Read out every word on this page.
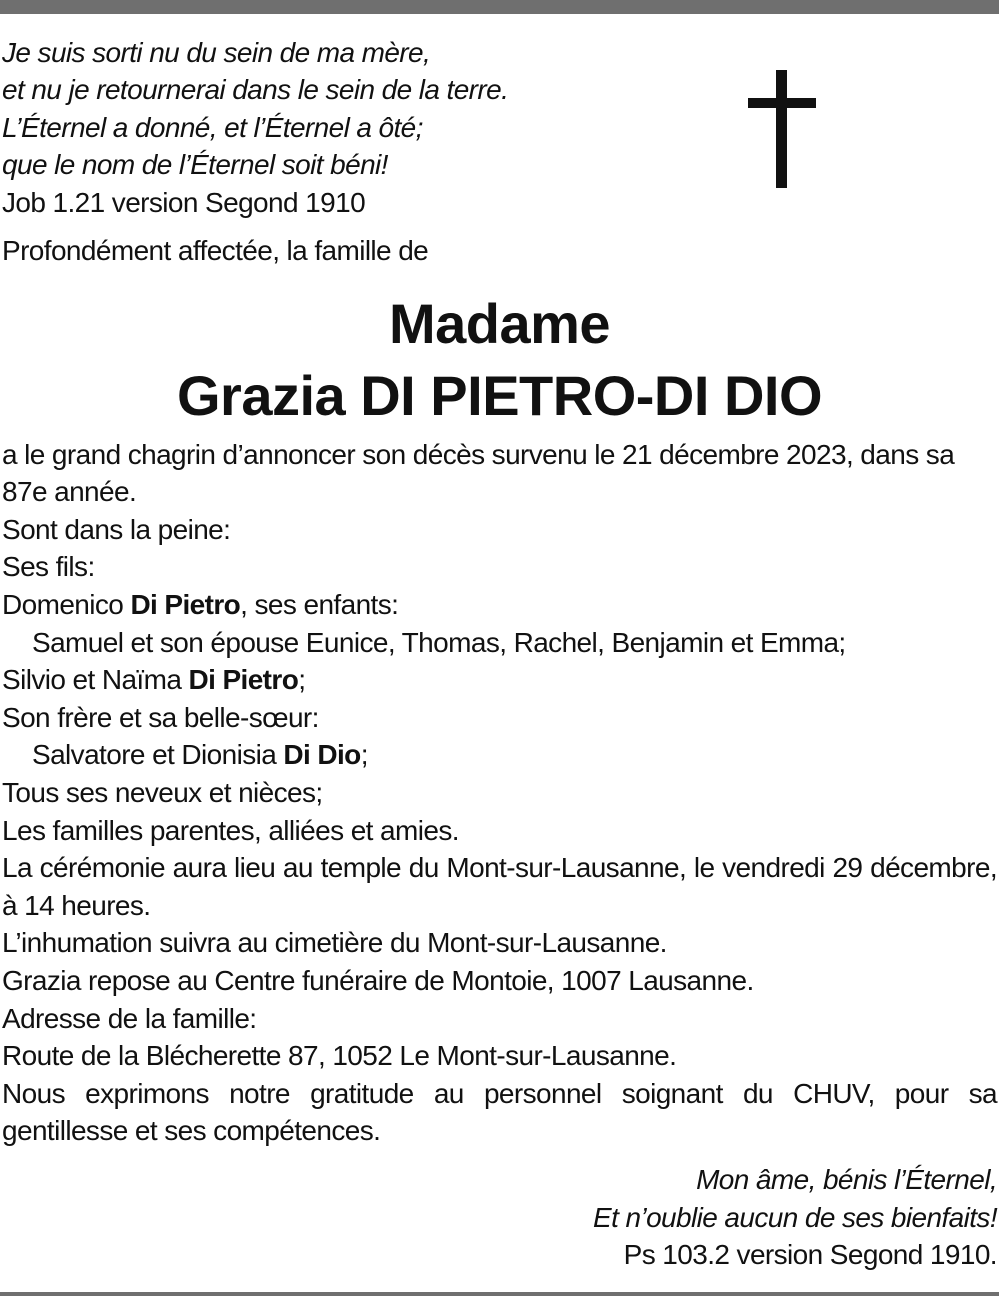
Je suis sorti nu du sein de ma mère,

et nu je retournerai dans le sein de la terre.

L’Éternel a donné, et l’Éternel a ôté;

que le nom de l’Éternel soit béni!

Job 1.21 version Segond 1910

Profondément affectée, la famille de

Madame
Grazia DI PIETRO-DI DIO

a le grand chagrin d’annoncer son décès survenu le 21 décembre 2023, dans sa 87e année.

Sont dans la peine:

Ses fils:

Domenico Di Pietro, ses enfants:

Samuel et son épouse Eunice, Thomas, Rachel, Benjamin et Emma;

Silvio et Naïma Di Pietro;

Son frère et sa belle-sœur:

Salvatore et Dionisia Di Dio;

Tous ses neveux et nièces;

Les familles parentes, alliées et amies.

La cérémonie aura lieu au temple du Mont-sur-Lausanne, le vendredi 29 décembre, à 14 heures.

L’inhumation suivra au cimetière du Mont-sur-Lausanne.

Grazia repose au Centre funéraire de Montoie, 1007 Lausanne.

Adresse de la famille:

Route de la Blécherette 87, 1052 Le Mont-sur-Lausanne.

Nous exprimons notre gratitude au personnel soignant du CHUV, pour sa gentillesse et ses compétences.

Mon âme, bénis l’Éternel,

Et n’oublie aucun de ses bienfaits!

Ps 103.2 version Segond 1910.
